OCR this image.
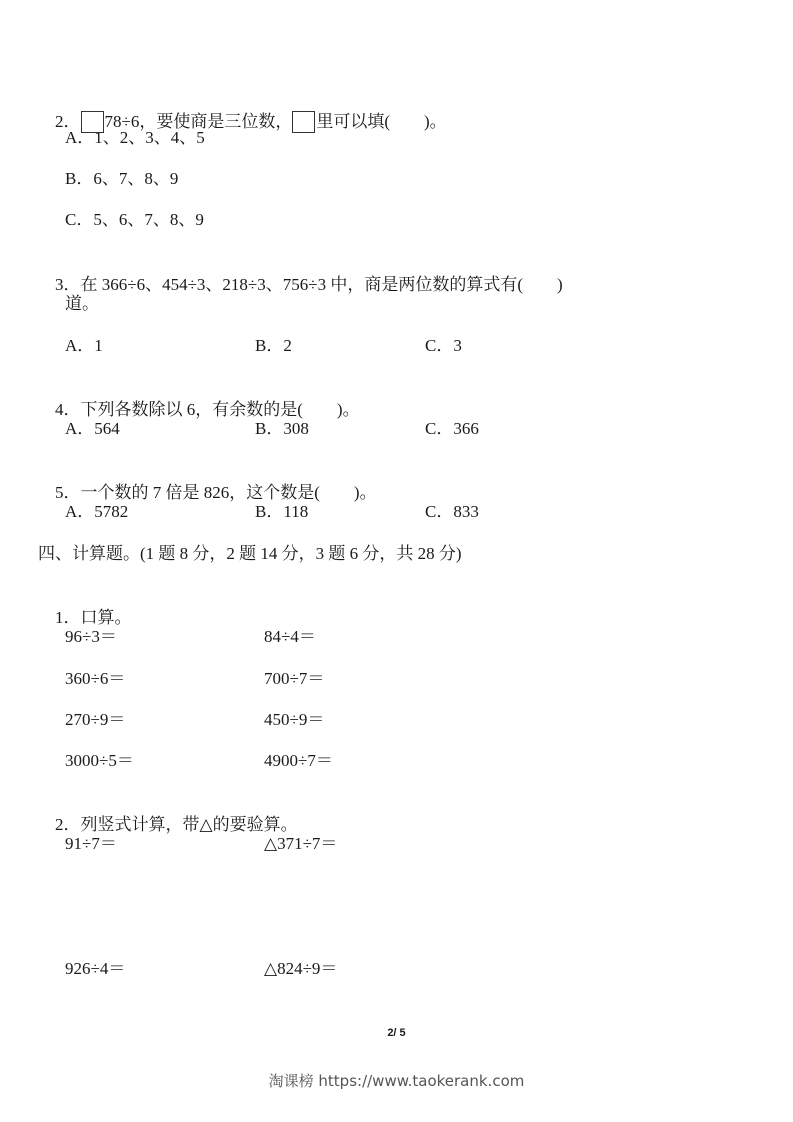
2． 78÷6，要使商是三位数， 里可以填(　　)。

A．1、2、3、4、5
B．6、7、8、9
C．5、6、7、8、9

3．在 366÷6、454÷3、218÷3、756÷3 中，商是两位数的算式有(　　)

道。
A．1	B．2	C．3

4．下列各数除以 6，有余数的是(　　)。

A．564	B．308	C．366

5．一个数的 7 倍是 826，这个数是(　　)。

A．5782	B．118	C．833
四、计算题。(1 题 8 分，2 题 14 分，3 题 6 分，共 28 分)

1．口算。

96÷3＝	84÷4＝
360÷6＝	700÷7＝
270÷9＝	450÷9＝
3000÷5＝	4900÷7＝

2．列竖式计算，带△的要验算。

91÷7＝	△371÷7＝
926÷4＝	△824÷9＝
2/ 5
淘课榜 https://www.taokerank.com
